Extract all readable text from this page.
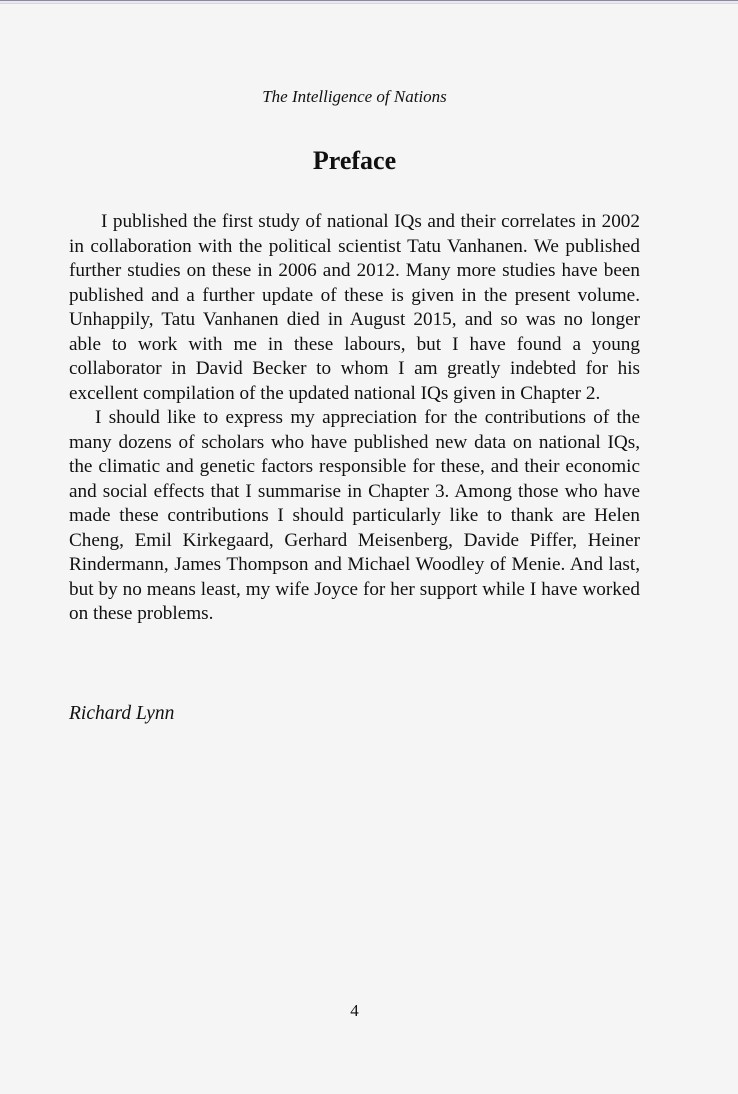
The Intelligence of Nations
Preface

I published the first study of national IQs and their correlates in 2002 in collaboration with the political scientist Tatu Vanhanen. We published further studies on these in 2006 and 2012. Many more studies have been published and a further update of these is given in the present volume. Unhappily, Tatu Vanhanen died in August 2015, and so was no longer able to work with me in these labours, but I have found a young collaborator in David Becker to whom I am greatly indebted for his excellent compilation of the updated national IQs given in Chapter 2.

I should like to express my appreciation for the contributions of the many dozens of scholars who have published new data on national IQs, the climatic and genetic factors responsible for these, and their economic and social effects that I summarise in Chapter 3. Among those who have made these contributions I should particularly like to thank are Helen Cheng, Emil Kirkegaard, Gerhard Meisenberg, Davide Piffer, Heiner Rindermann, James Thompson and Michael Woodley of Menie. And last, but by no means least, my wife Joyce for her support while I have worked on these problems.

Richard Lynn
4
